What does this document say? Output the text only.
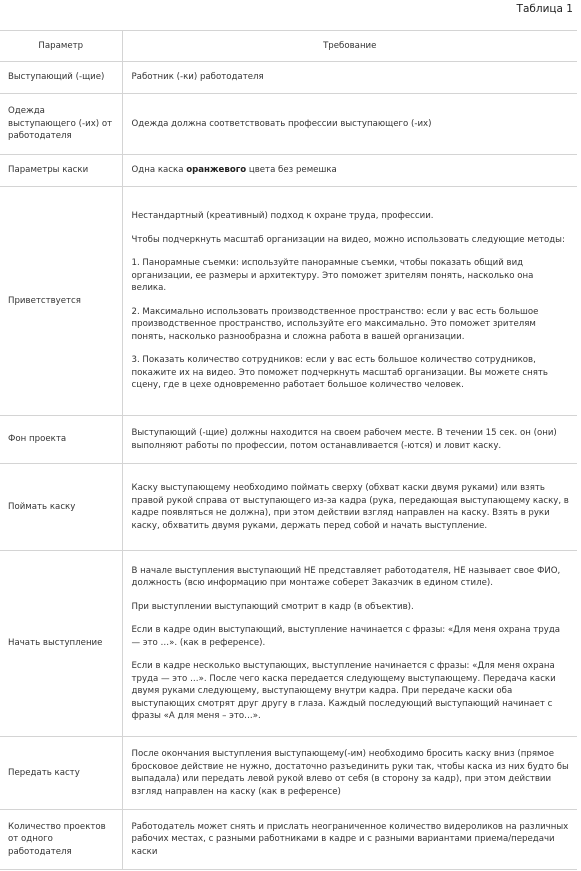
Таблица 1
Параметр	Требование
Выступающий (-щие)	Работник (-ки) работодателя

Одежда выступающего (-их) от работодателя	Одежда должна соответствовать профессии выступающего (-их)

Параметры каски	Одна каска оранжевого цвета без ремешка

Приветствуется	Нестандартный (креативный) подход к охране труда, профессии.

Чтобы подчеркнуть масштаб организации на видео, можно использовать следующие методы:

1. Панорамные съемки: используйте панорамные съемки, чтобы показать общий вид организации, ее размеры и архитектуру. Это поможет зрителям понять, насколько она велика.

2. Максимально использовать производственное пространство: если у вас есть большое производственное пространство, используйте его максимально. Это поможет зрителям понять, насколько разнообразна и сложна работа в вашей организации.

3. Показать количество сотрудников: если у вас есть большое количество сотрудников, покажите их на видео. Это поможет подчеркнуть масштаб организации. Вы можете снять сцену, где в цехе одновременно работает большое количество человек.

Фон проекта	Выступающий (-щие) должны находится на своем рабочем месте. В течении 15 сек. он (они) выполняют работы по профессии, потом останавливается (-ются) и ловит каску.

Поймать каску	Каску выступающему необходимо поймать сверху (обхват каски двумя руками) или взять правой рукой справа от выступающего из-за кадра (рука, передающая выступающему каску, в кадре появляться не должна), при этом действии взгляд направлен на каску. Взять в руки каску, обхватить двумя руками, держать перед собой и начать выступление.

Начать выступление	В начале выступления выступающий НЕ представляет работодателя, НЕ называет свое ФИО, должность (всю информацию при монтаже соберет Заказчик в едином стиле).

При выступлении выступающий смотрит в кадр (в объектив).

Если в кадре один выступающий, выступление начинается с фразы: «Для меня охрана труда — это …». (как в референсе).

Если в кадре несколько выступающих, выступление начинается с фразы: «Для меня охрана труда — это …». После чего каска передается следующему выступающему. Передача каски двумя руками следующему, выступающему внутри кадра. При передаче каски оба выступающих смотрят друг другу в глаза. Каждый последующий выступающий начинает с фразы «А для меня – это…».

Передать касту	После окончания выступления выступающему(-им) необходимо бросить каску вниз (прямое бросковое действие не нужно, достаточно разъединить руки так, чтобы каска из них будто бы выпадала) или передать левой рукой влево от себя (в сторону за кадр), при этом действии взгляд направлен на каску (как в референсе)

Количество проектов от одного работодателя	Работодатель может снять и прислать неограниченное количество видероликов на различных рабочих местах, с разными работниками в кадре и с разными вариантами приема/передачи каски
